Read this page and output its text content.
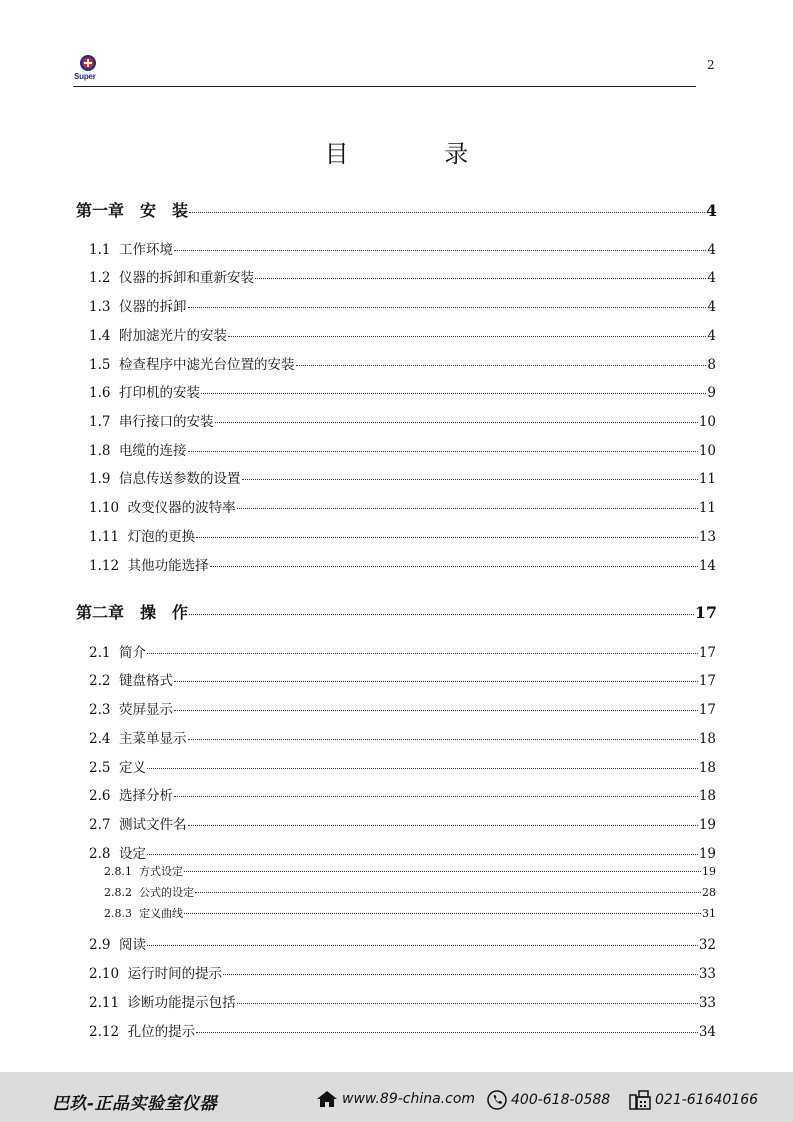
Super
2
目 录
第一章　安　装	4
1.1  工作环境	4
1.2  仪器的拆卸和重新安装	4
1.3  仪器的拆卸	4
1.4  附加滤光片的安装	4
1.5  检查程序中滤光台位置的安装	8
1.6  打印机的安装	9
1.7  串行接口的安装	10
1.8  电缆的连接	10
1.9  信息传送参数的设置	11
1.10  改变仪器的波特率	11
1.11  灯泡的更换	13
1.12  其他功能选择	14
第二章　操　作	17
2.1  简介	17
2.2  键盘格式	17
2.3  荧屏显示	17
2.4  主菜单显示	18
2.5  定义	18
2.6  选择分析	18
2.7  测试文件名	19
2.8  设定	19
2.8.1  方式设定	19
2.8.2  公式的设定	28
2.8.3  定义曲线	31
2.9  阅读	32
2.10  运行时间的提示	33
2.11  诊断功能提示包括	33
2.12  孔位的提示	34
巴玖-正品实验室仪器	www.89-china.com	400-618-0588	021-61640166
